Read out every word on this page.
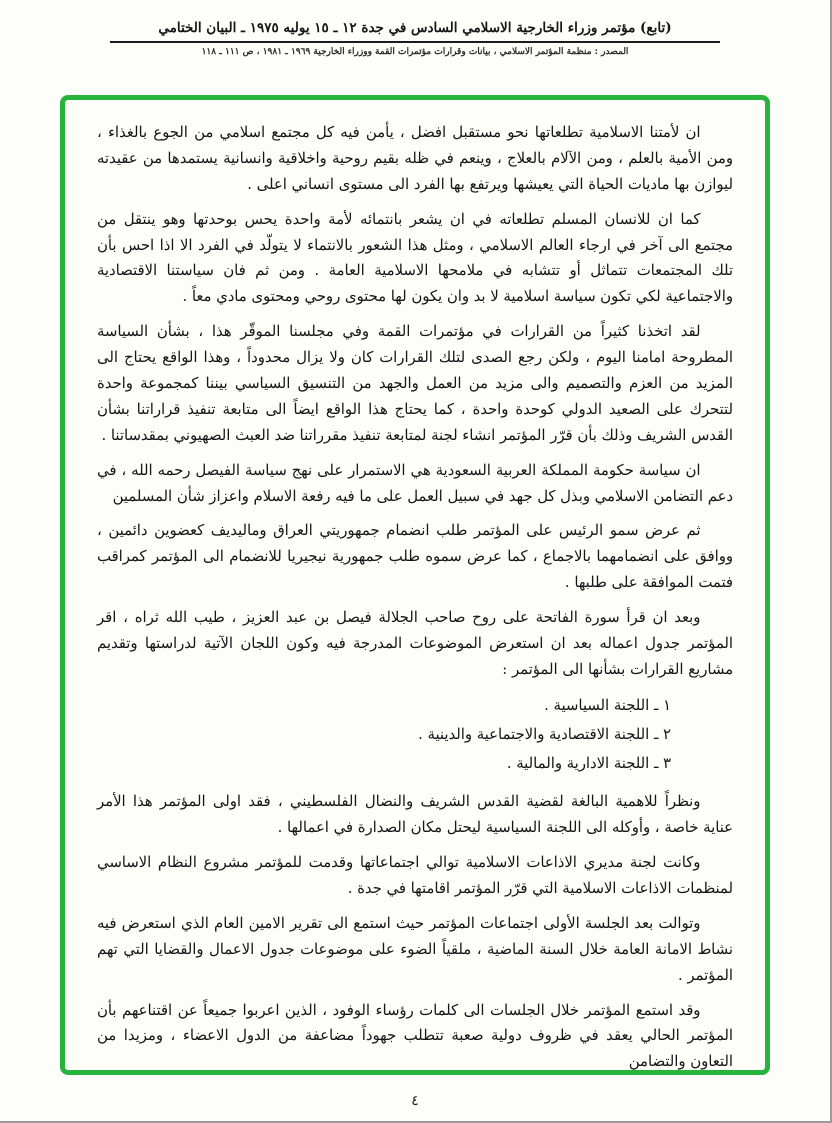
(تابع) مؤتمر وزراء الخارجية الاسلامي السادس في جدة ١٢ ـ ١٥ يوليه ١٩٧٥ ـ البيان الختامي
المصدر : منظمة المؤتمر الاسلامي ، بيانات وقرارات مؤتمرات القمة ووزراء الخارجية ١٩٦٩ ـ ١٩٨١ ، ص ١١١ ـ ١١٨

ان لأمتنا الاسلامية تطلعاتها نحو مستقبل افضل ، يأمن فيه كل مجتمع اسلامي من الجوع بالغذاء ، ومن الأمية بالعلم ، ومن الآلام بالعلاج ، وينعم في ظله بقيم روحية واخلاقية وانسانية يستمدها من عقيدته ليوازن بها ماديات الحياة التي يعيشها ويرتفع بها الفرد الى مستوى انساني اعلى .

كما ان للانسان المسلم تطلعاته في ان يشعر بانتمائه لأمة واحدة يحس بوحدتها وهو ينتقل من مجتمع الى آخر في ارجاء العالم الاسلامي ، ومثل هذا الشعور بالانتماء لا يتولّد في الفرد الا اذا احس بأن تلك المجتمعات تتماثل أو تتشابه في ملامحها الاسلامية العامة . ومن ثم فان سياستنا الاقتصادية والاجتماعية لكي تكون سياسة اسلامية لا بد وان يكون لها محتوى روحي ومحتوى مادي معاً .

لقد اتخذنا كثيراً من القرارات في مؤتمرات القمة وفي مجلسنا الموقّر هذا ، بشأن السياسة المطروحة امامنا اليوم ، ولكن رجع الصدى لتلك القرارات كان ولا يزال محدوداً ، وهذا الواقع يحتاج الى المزيد من العزم والتصميم والى مزيد من العمل والجهد من التنسيق السياسي بيننا كمجموعة واحدة لتتحرك على الصعيد الدولي كوحدة واحدة ، كما يحتاج هذا الواقع ايضاً الى متابعة تنفيذ قراراتنا بشأن القدس الشريف وذلك بأن قرّر المؤتمر انشاء لجنة لمتابعة تنفيذ مقرراتنا ضد العبث الصهيوني بمقدساتنا .

ان سياسة حكومة المملكة العربية السعودية هي الاستمرار على نهج سياسة الفيصل رحمه الله ، في دعم التضامن الاسلامي وبذل كل جهد في سبيل العمل على ما فيه رفعة الاسلام واعزاز شأن المسلمين

ثم عرض سمو الرئيس على المؤتمر طلب انضمام جمهوريتي العراق وماليديف كعضوين دائمين ، ووافق على انضمامهما بالاجماع ، كما عرض سموه طلب جمهورية نيجيريا للانضمام الى المؤتمر كمراقب فتمت الموافقة على طلبها .

وبعد ان قرأ سورة الفاتحة على روح صاحب الجلالة فيصل بن عبد العزيز ، طيب الله ثراه ، اقر المؤتمر جدول اعماله بعد ان استعرض الموضوعات المدرجة فيه وكون اللجان الآتية لدراستها وتقديم مشاريع القرارات بشأنها الى المؤتمر :

١ ـ اللجنة السياسية .
٢ ـ اللجنة الاقتصادية والاجتماعية والدينية .
٣ ـ اللجنة الادارية والمالية .

ونظراً للاهمية البالغة لقضية القدس الشريف والنضال الفلسطيني ، فقد اولى المؤتمر هذا الأمر عناية خاصة ، وأوكله الى اللجنة السياسية ليحتل مكان الصدارة في اعمالها .

وكانت لجنة مديري الاذاعات الاسلامية توالي اجتماعاتها وقدمت للمؤتمر مشروع النظام الاساسي لمنظمات الاذاعات الاسلامية التي قرّر المؤتمر اقامتها في جدة .

وتوالت بعد الجلسة الأولى اجتماعات المؤتمر حيث استمع الى تقرير الامين العام الذي استعرض فيه نشاط الامانة العامة خلال السنة الماضية ، ملقياً الضوء على موضوعات جدول الاعمال والقضايا التي تهم المؤتمر .

وقد استمع المؤتمر خلال الجلسات الى كلمات رؤساء الوفود ، الذين اعربوا جميعاً عن اقتناعهم بأن المؤتمر الحالي يعقد في ظروف دولية صعبة تتطلب جهوداً مضاعفة من الدول الاعضاء ، ومزيدا من التعاون والتضامن

٤
